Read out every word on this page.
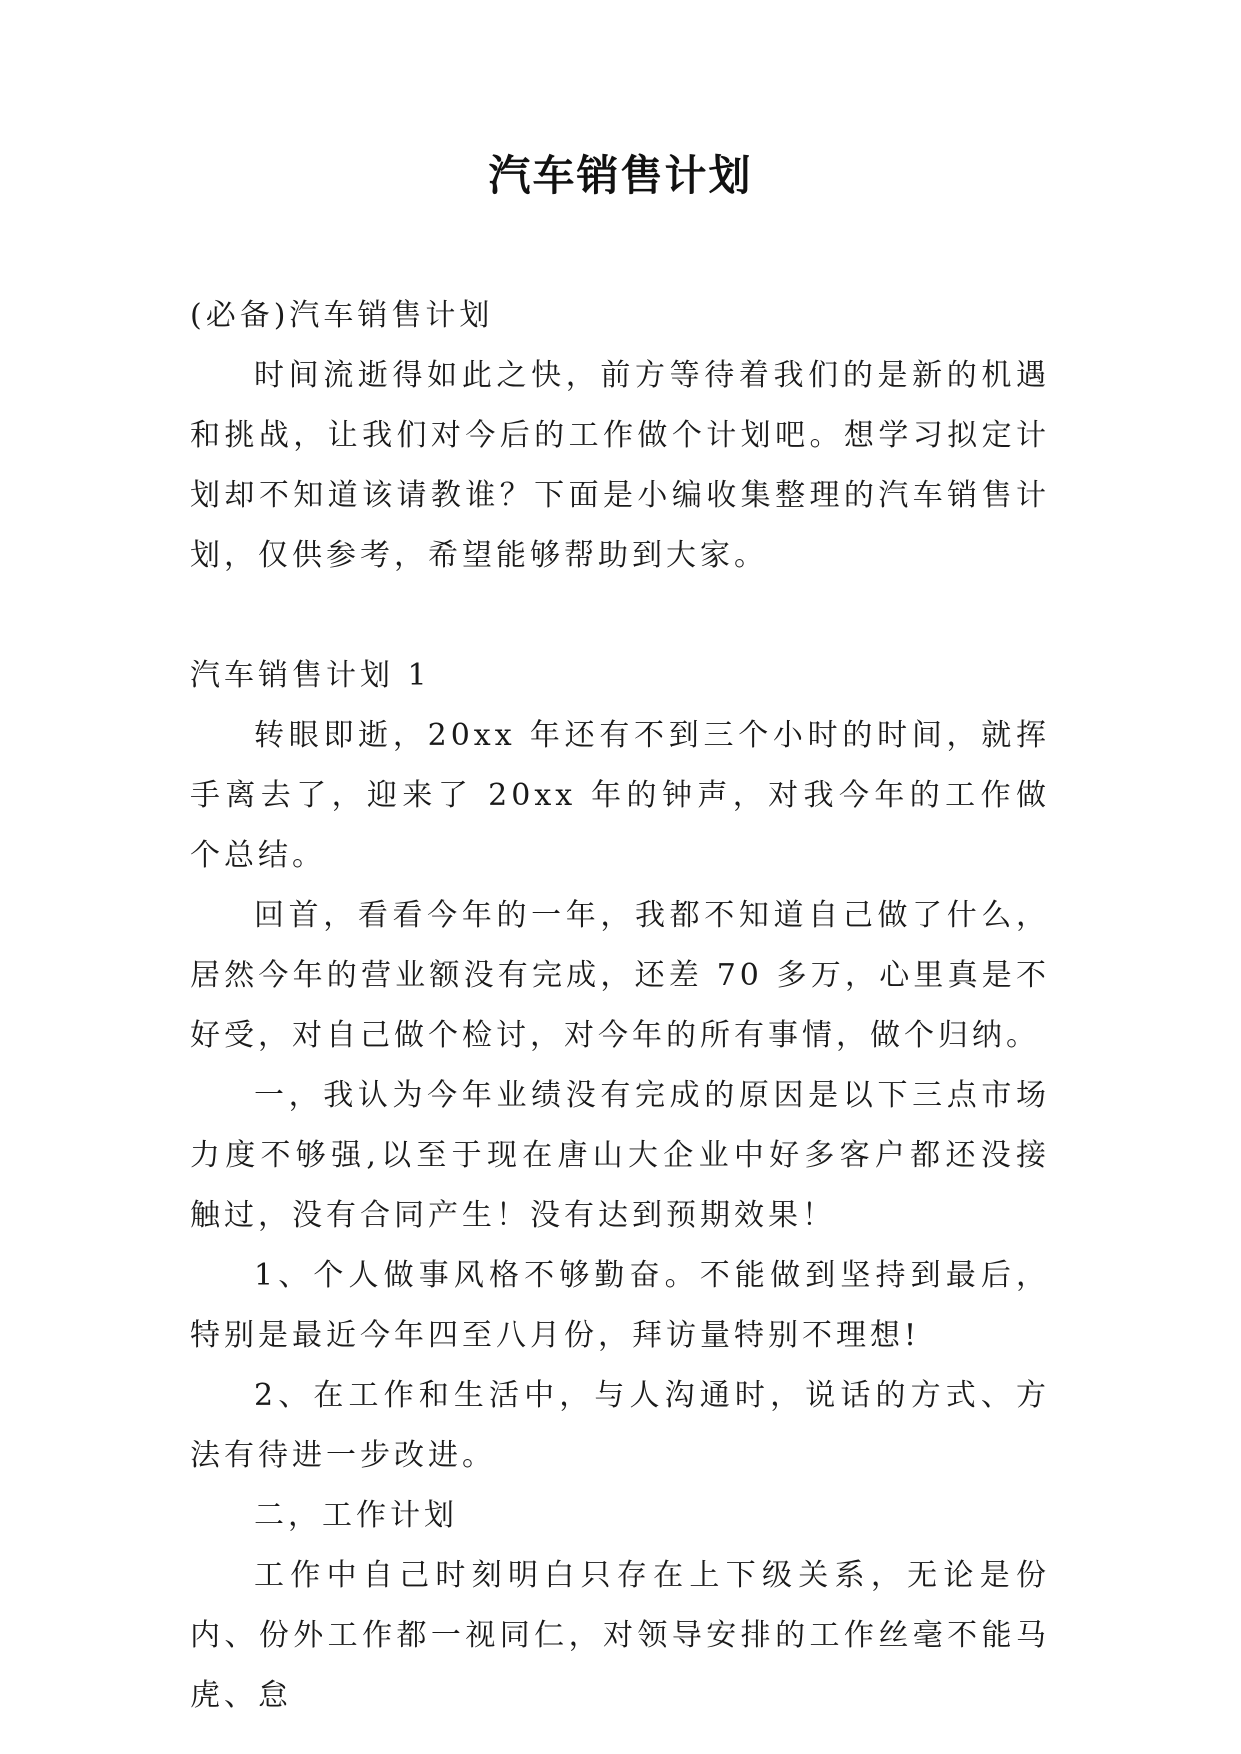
汽车销售计划

(必备)汽车销售计划

时间流逝得如此之快，前方等待着我们的是新的机遇和挑战，让我们对今后的工作做个计划吧。想学习拟定计划却不知道该请教谁？下面是小编收集整理的汽车销售计划，仅供参考，希望能够帮助到大家。

汽车销售计划 1

转眼即逝，20xx 年还有不到三个小时的时间，就挥手离去了，迎来了 20xx 年的钟声，对我今年的工作做个总结。

回首，看看今年的一年，我都不知道自己做了什么，居然今年的营业额没有完成，还差 70 多万，心里真是不好受，对自己做个检讨，对今年的所有事情，做个归纳。

一，我认为今年业绩没有完成的原因是以下三点市场力度不够强,以至于现在唐山大企业中好多客户都还没接触过，没有合同产生！没有达到预期效果！

1、个人做事风格不够勤奋。不能做到坚持到最后，特别是最近今年四至八月份，拜访量特别不理想!

2、在工作和生活中，与人沟通时，说话的方式、方法有待进一步改进。

二，工作计划

工作中自己时刻明白只存在上下级关系，无论是份内、份外工作都一视同仁，对领导安排的工作丝毫不能马虎、怠
